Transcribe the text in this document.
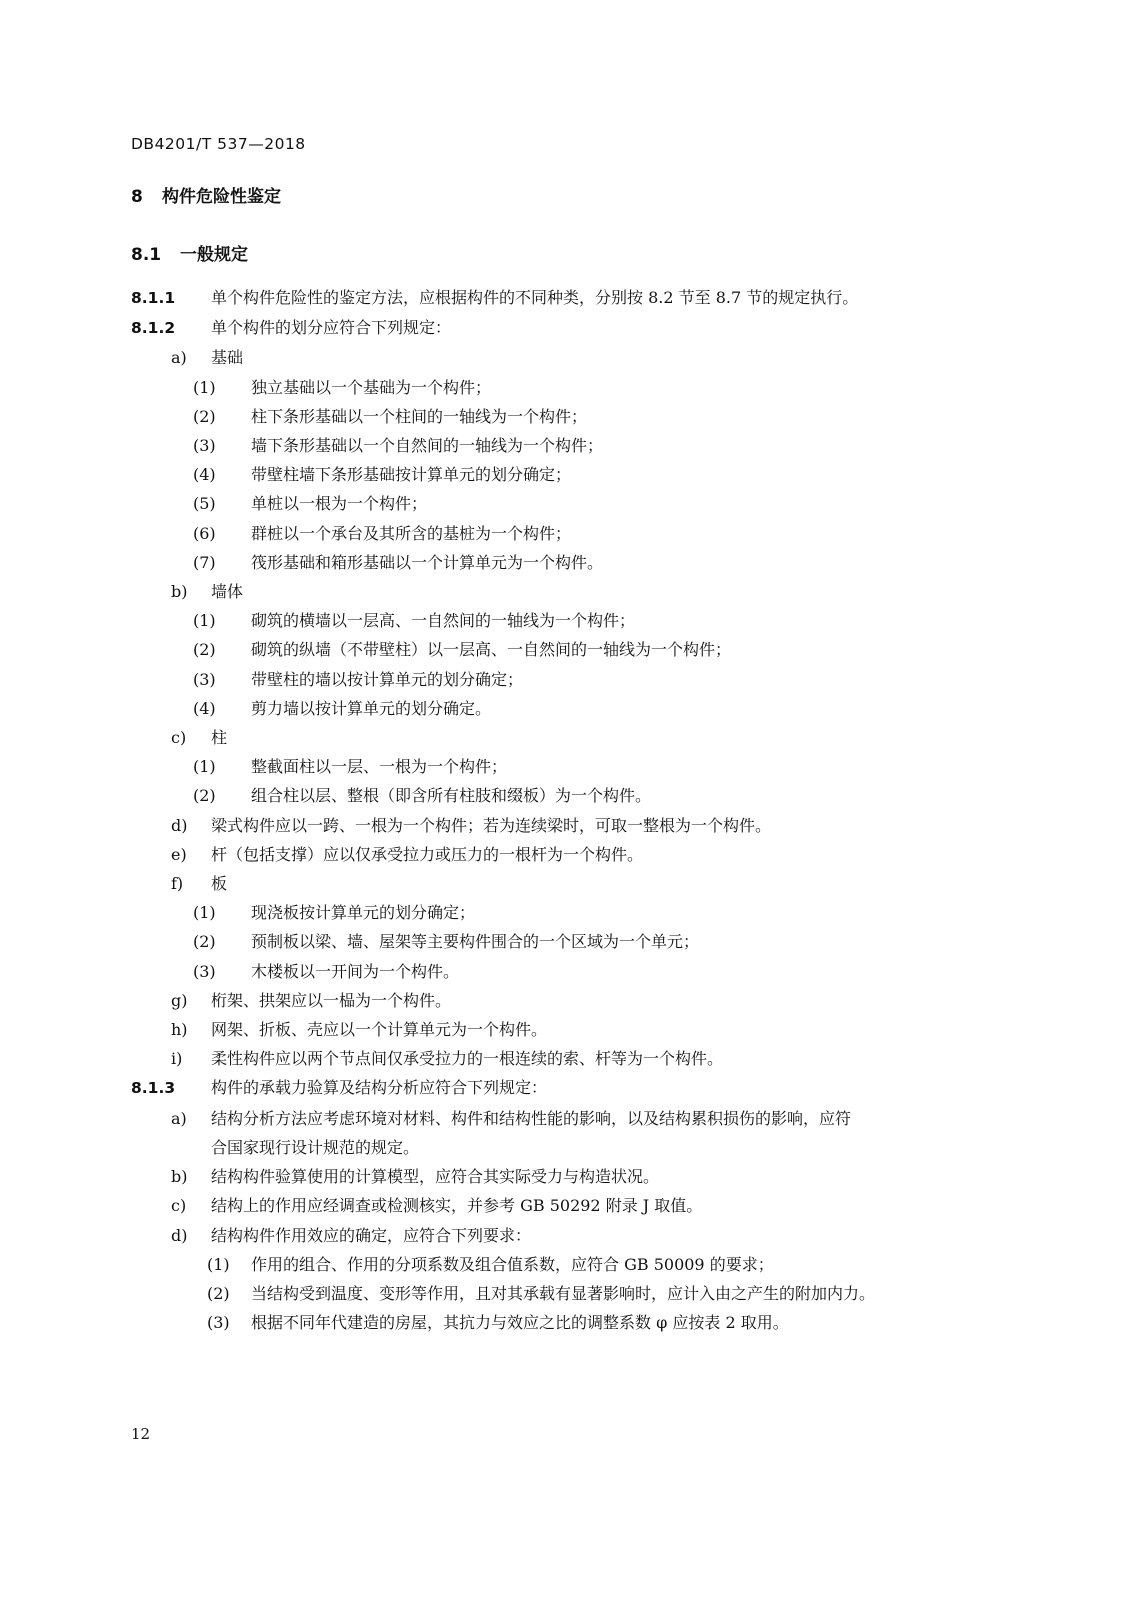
DB4201/T 537—2018
8 构件危险性鉴定
8.1 一般规定
8.1.1 单个构件危险性的鉴定方法，应根据构件的不同种类，分别按 8.2 节至 8.7 节的规定执行。
8.1.2 单个构件的划分应符合下列规定：
a) 基础
(1) 独立基础以一个基础为一个构件；
(2) 柱下条形基础以一个柱间的一轴线为一个构件；
(3) 墙下条形基础以一个自然间的一轴线为一个构件；
(4) 带壁柱墙下条形基础按计算单元的划分确定；
(5) 单桩以一根为一个构件；
(6) 群桩以一个承台及其所含的基桩为一个构件；
(7) 筏形基础和箱形基础以一个计算单元为一个构件。
b) 墙体
(1) 砌筑的横墙以一层高、一自然间的一轴线为一个构件；
(2) 砌筑的纵墙（不带壁柱）以一层高、一自然间的一轴线为一个构件；
(3) 带壁柱的墙以按计算单元的划分确定；
(4) 剪力墙以按计算单元的划分确定。
c) 柱
(1) 整截面柱以一层、一根为一个构件；
(2) 组合柱以层、整根（即含所有柱肢和缀板）为一个构件。
d) 梁式构件应以一跨、一根为一个构件；若为连续梁时，可取一整根为一个构件。
e) 杆（包括支撑）应以仅承受拉力或压力的一根杆为一个构件。
f) 板
(1) 现浇板按计算单元的划分确定；
(2) 预制板以梁、墙、屋架等主要构件围合的一个区域为一个单元；
(3) 木楼板以一开间为一个构件。
g) 桁架、拱架应以一榀为一个构件。
h) 网架、折板、壳应以一个计算单元为一个构件。
i) 柔性构件应以两个节点间仅承受拉力的一根连续的索、杆等为一个构件。
8.1.3 构件的承载力验算及结构分析应符合下列规定：
a) 结构分析方法应考虑环境对材料、构件和结构性能的影响，以及结构累积损伤的影响，应符
合国家现行设计规范的规定。
b) 结构构件验算使用的计算模型，应符合其实际受力与构造状况。
c) 结构上的作用应经调查或检测核实，并参考 GB 50292 附录 J 取值。
d) 结构构件作用效应的确定，应符合下列要求：
(1) 作用的组合、作用的分项系数及组合值系数，应符合 GB 50009 的要求；
(2) 当结构受到温度、变形等作用，且对其承载有显著影响时，应计入由之产生的附加内力。
(3) 根据不同年代建造的房屋，其抗力与效应之比的调整系数 φ 应按表 2 取用。
12
